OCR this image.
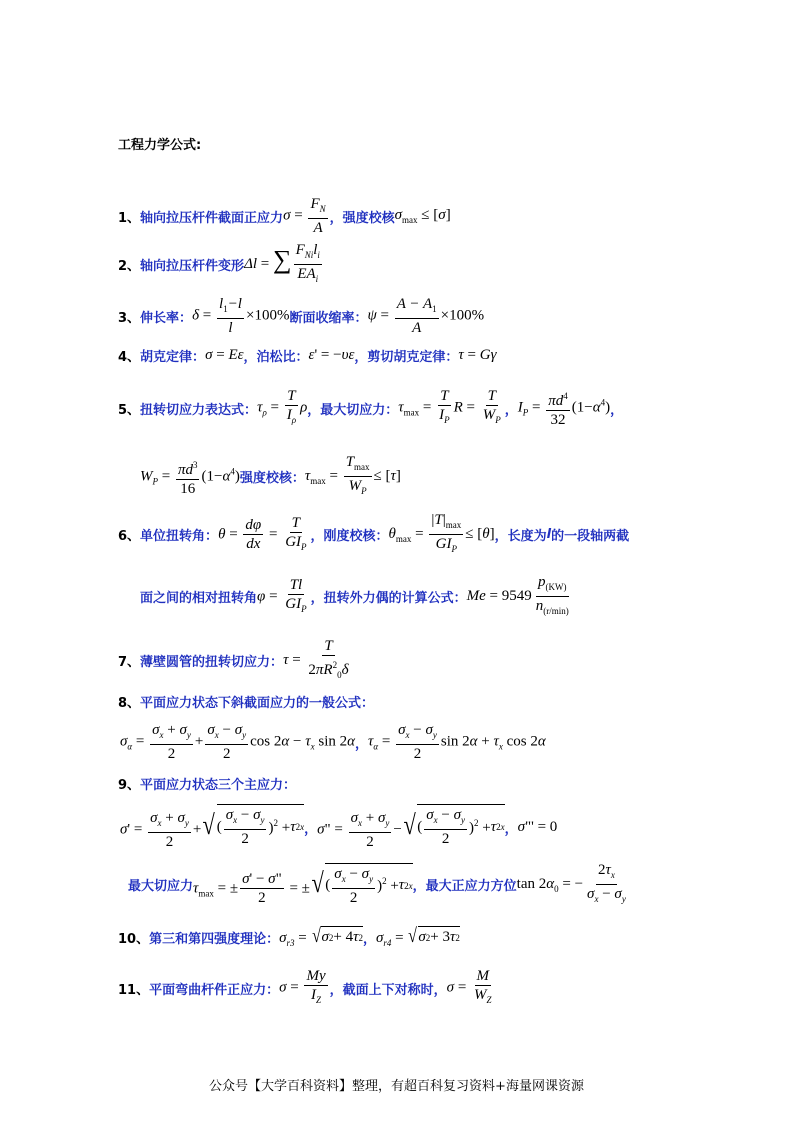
工程力学公式:
1、 轴向拉压杆件截面正应力 $\sigma = \frac{F_N}{A}$ ，强度校核 $\sigma_{max} \le [\sigma]$
2、 轴向拉压杆件变形 Δl = ∑ $\frac{F_{Ni}l_i}{EA_i}$
3、 伸长率： $\delta = \frac{l_1-l}{l} \times 100\%$ 断面收缩率： $\psi = \frac{A - A_1}{A} \times 100\%$
4、 胡克定律： σ = Eε ，泊松比： ε' = −υε ，剪切胡克定律： τ = Gγ
5、 扭转切应力表达式： $\tau_\rho = \frac{T}{I_\rho}$ ρ ，最大切应力： $\tau_{max} = \frac{T}{I_P}$ $R = \frac{T}{W_P}$ ， $I_P = \frac{\pi d^4}{32} (1-\alpha^4)$ ，
$W_P = \frac{\pi d^3}{16} (1-\alpha^4)$ 强度校核： $\tau_{max} = \frac{T_{max}}{W_P} \le [\tau]$
6、 单位扭转角： $\theta = \frac{d\varphi}{dx} = \frac{T}{GI_P}$ ，刚度校核： $\theta_{max} = \frac{|T|_{max}}{GI_P} \le [\theta]$ ，长度为 l 的一段轴两截
面之间的相对扭转角 $\varphi = \frac{Tl}{GI_P}$ ，扭转外力偶的计算公式： $Me = 9549 \frac{p_{(KW)}}{n_{(r/min)}}$
7、 薄壁圆管的扭转切应力： $\tau = \frac{T}{2\pi R^2_0\delta}$
8、 平面应力状态下斜截面应力的一般公式：
$\sigma_\alpha = \frac{\sigma_x + \sigma_y}{2} + \frac{\sigma_x - \sigma_y}{2}$ $\cos 2\alpha - \tau_x$ sin 2α ， $\tau_\alpha = \frac{\sigma_x - \sigma_y}{2}$ $\sin 2\alpha + \tau_x$ cos 2α
9、 平面应力状态三个主应力：
$\sigma' = \frac{\sigma_x + \sigma_y}{2}$ + √ ( $\frac{\sigma_x - \sigma_y}{2} )^2 + \tau$ 2 x ， σ" = $\frac{\sigma_x + \sigma_y}{2}$ − √ ( $\frac{\sigma_x - \sigma_y}{2} )^2 + \tau$ 2 x ， σ"' = 0
最大切应力 $\tau_{max}$ = ± $\frac{\sigma' - \sigma"}{2}$ = ± √ ( $\frac{\sigma_x - \sigma_y}{2} )^2 + \tau$ 2 x ，最大正应力方位 $\tan 2\alpha_0$ = − $\frac{2\tau_x}{\sigma_x - \sigma_y}$
10、 第三和第四强度理论： $\sigma_{r3}$ = √ σ 2 + 4 τ 2 ， $\sigma_{r4}$ = √ σ 2 + 3 τ 2
11、 平面弯曲杆件正应力： $\sigma = \frac{My}{I_Z}$ ，截面上下对称时， $\sigma = \frac{M}{W_Z}$
公众号【大学百科资料】整理，有超百科复习资料+海量网课资源
